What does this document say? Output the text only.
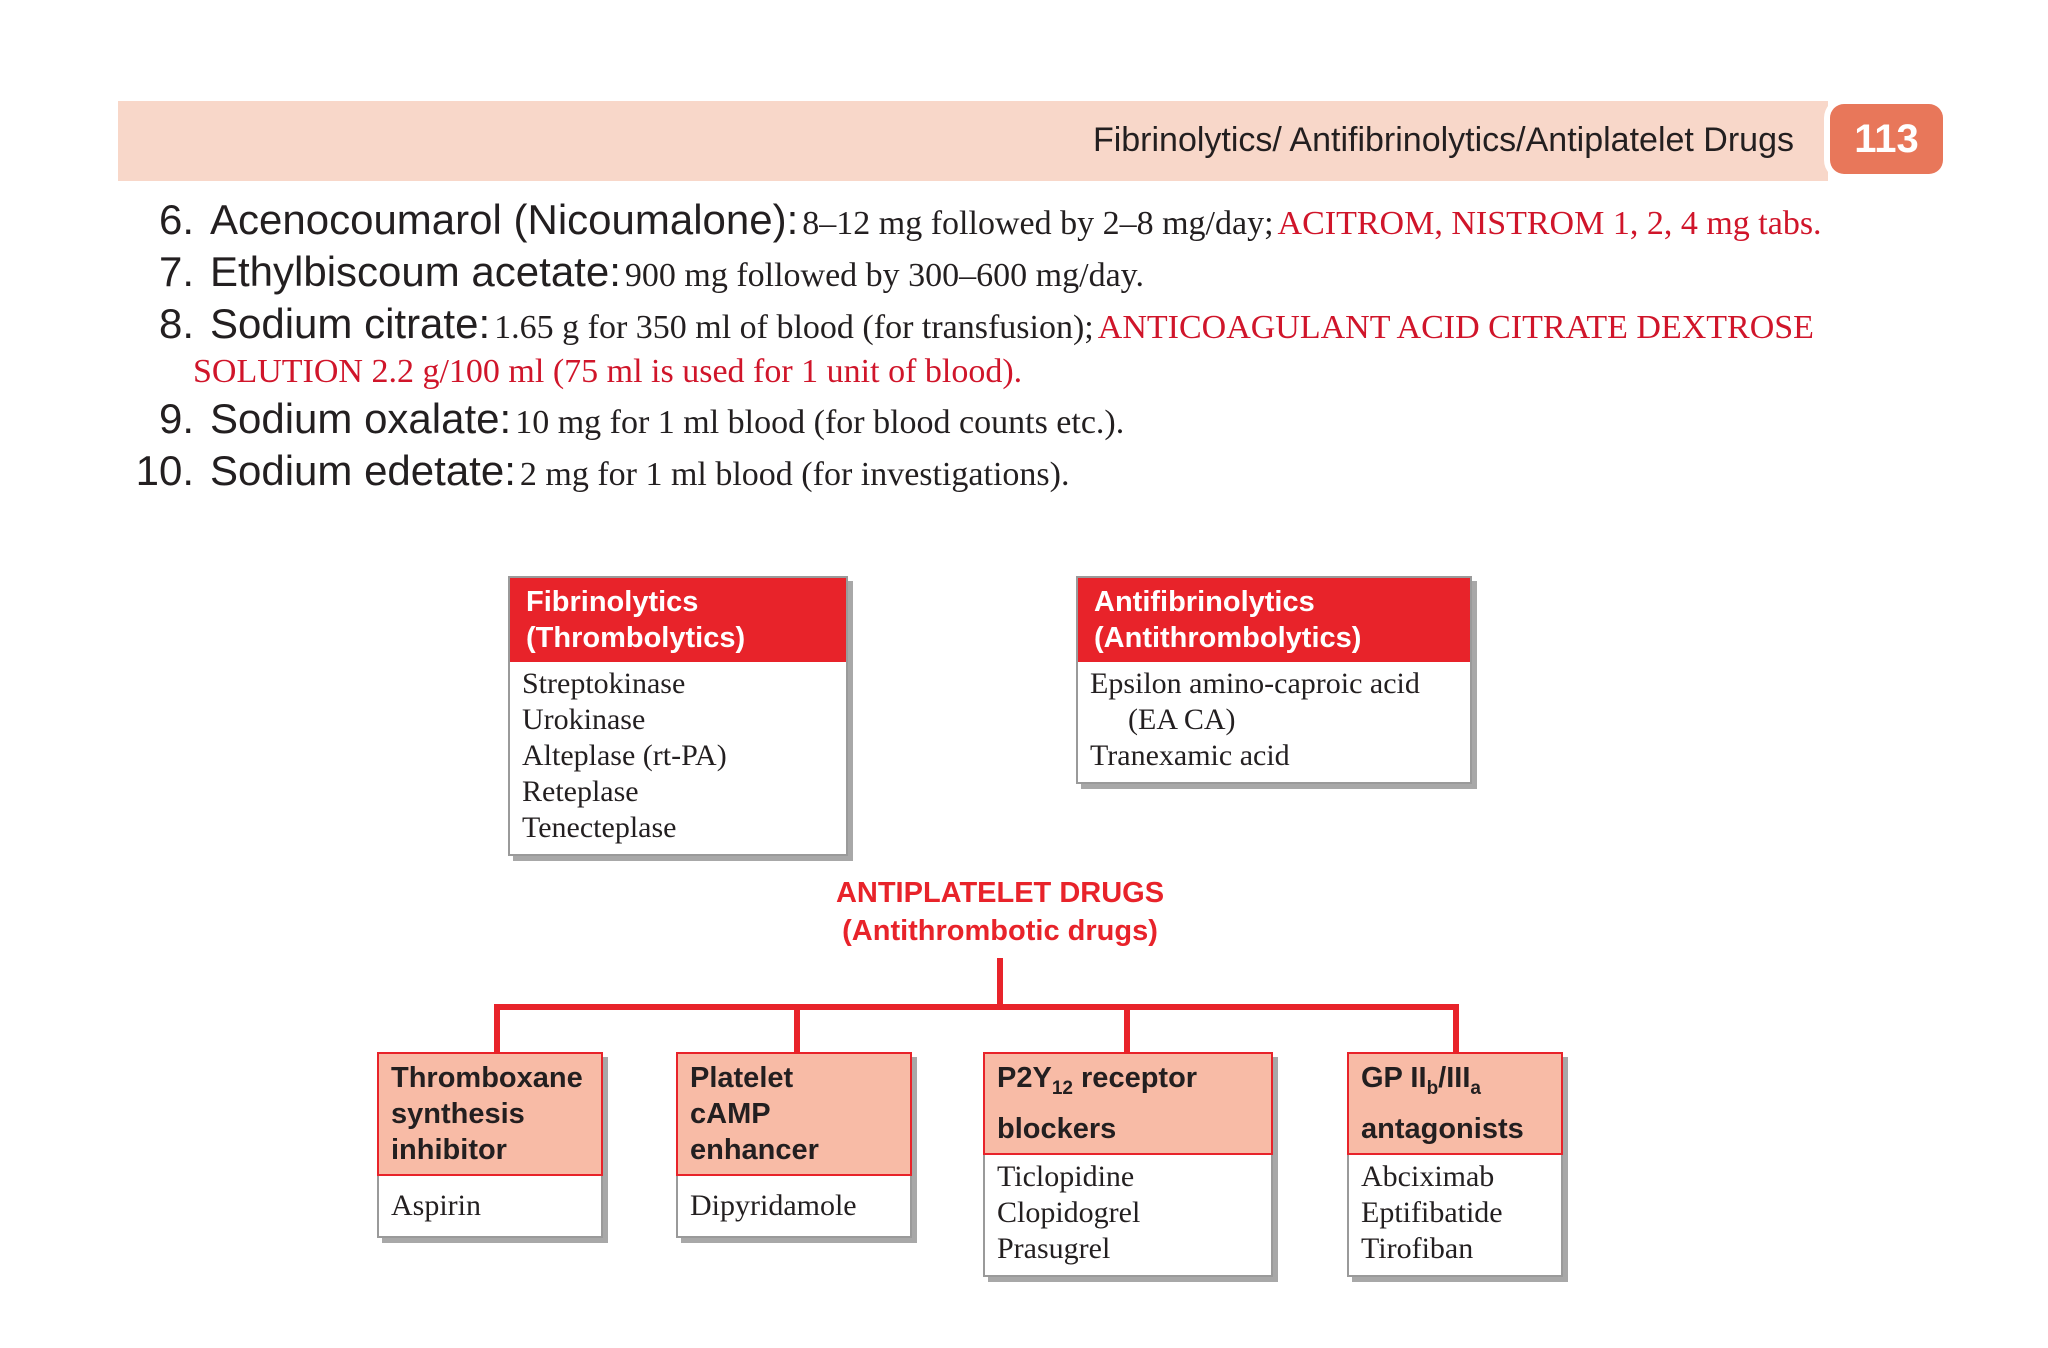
Fibrinolytics/ Antifibrinolytics/Antiplatelet Drugs	113
6. Acenocoumarol (Nicoumalone): 8–12 mg followed by 2–8 mg/day; ACITROM, NISTROM 1, 2, 4 mg tabs.
7. Ethylbiscoum acetate: 900 mg followed by 300–600 mg/day.
8. Sodium citrate: 1.65 g for 350 ml of blood (for transfusion); ANTICOAGULANT ACID CITRATE DEXTROSE
SOLUTION 2.2 g/100 ml (75 ml is used for 1 unit of blood).
9. Sodium oxalate: 10 mg for 1 ml blood (for blood counts etc.).
10. Sodium edetate: 2 mg for 1 ml blood (for investigations).
Fibrinolytics
(Thrombolytics)
Streptokinase
Urokinase
Alteplase (rt-PA)
Reteplase
Tenecteplase
Antifibrinolytics
(Antithrombolytics)
Epsilon amino-caproic acid
(EA CA)
Tranexamic acid
ANTIPLATELET DRUGS
(Antithrombotic drugs)
Thromboxane
synthesis
inhibitor
Aspirin
Platelet
cAMP
enhancer
Dipyridamole
$P2Y_{12}$ receptor
blockers
Ticlopidine
Clopidogrel
Prasugrel
GP $II_b/III_a$
antagonists
Abciximab
Eptifibatide
Tirofiban
